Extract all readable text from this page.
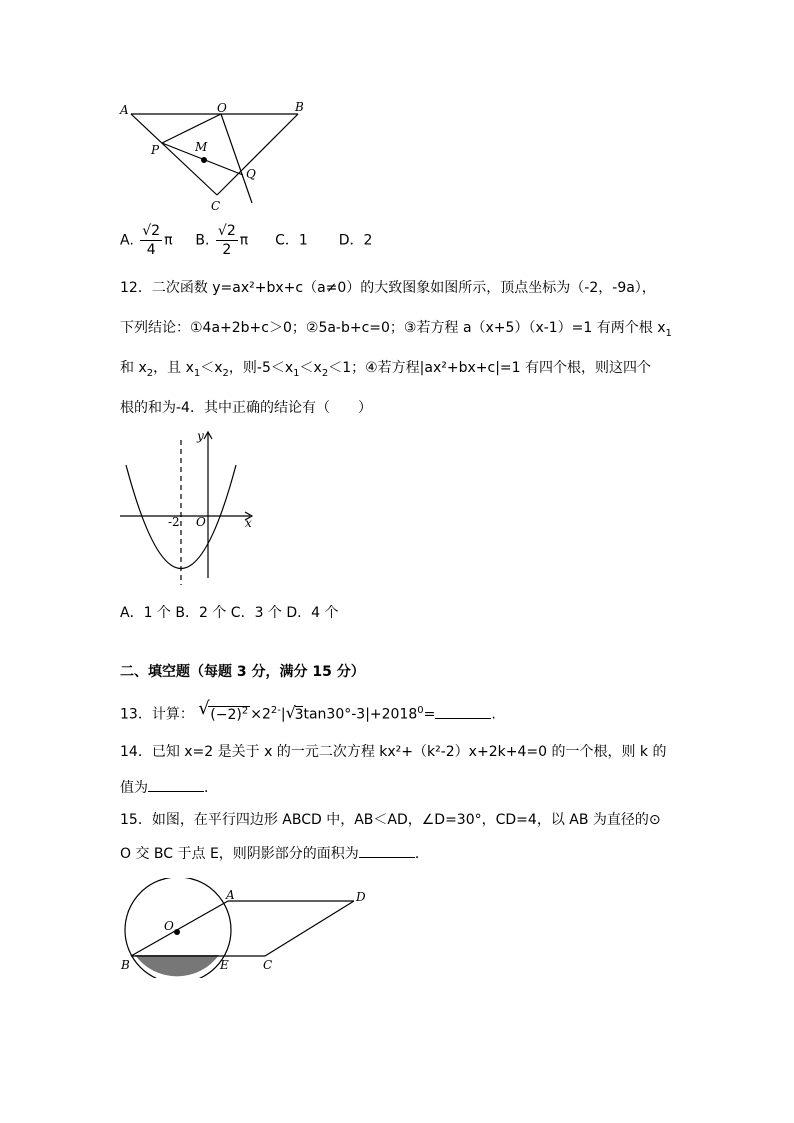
A	O	B
P	M
Q
C
A. $\frac{√2}{4}$ π B. $\frac{√2}{2}$ π C．1 D．2
12．二次函数 y=ax²+bx+c（a≠0）的大致图象如图所示，顶点坐标为（-2，-9a），
下列结论：①4a+2b+c＞0；②5a-b+c=0；③若方程 a（x+5）（x-1）=1 有两个根 $x_1$
和 $x_2$，且 $x_1<x_2$，则$-5<x_1<x_2<1$；④若方程|ax²+bx+c|=1 有四个根，则这四个
根的和为-4．其中正确的结论有（　　）
y
x
-2 O
A．1 个 B．2 个 C．3 个 D．4 个
二、填空题（每题 3 分，满分 15 分）
13．计算： √ $(-2)^2 \times 2^{2-}|$ √
$3\tan 30^\circ-3|+2018^0=$	.
14．已知 x=2 是关于 x 的一元二次方程 kx²+（k²-2）x+2k+4=0 的一个根，则 k 的
值为	.
15．如图，在平行四边形 ABCD 中，AB＜AD，∠D=30°，CD=4，以 AB 为直径的⊙
O 交 BC 于点 E，则阴影部分的面积为	．
A	D
O
B	E	C
